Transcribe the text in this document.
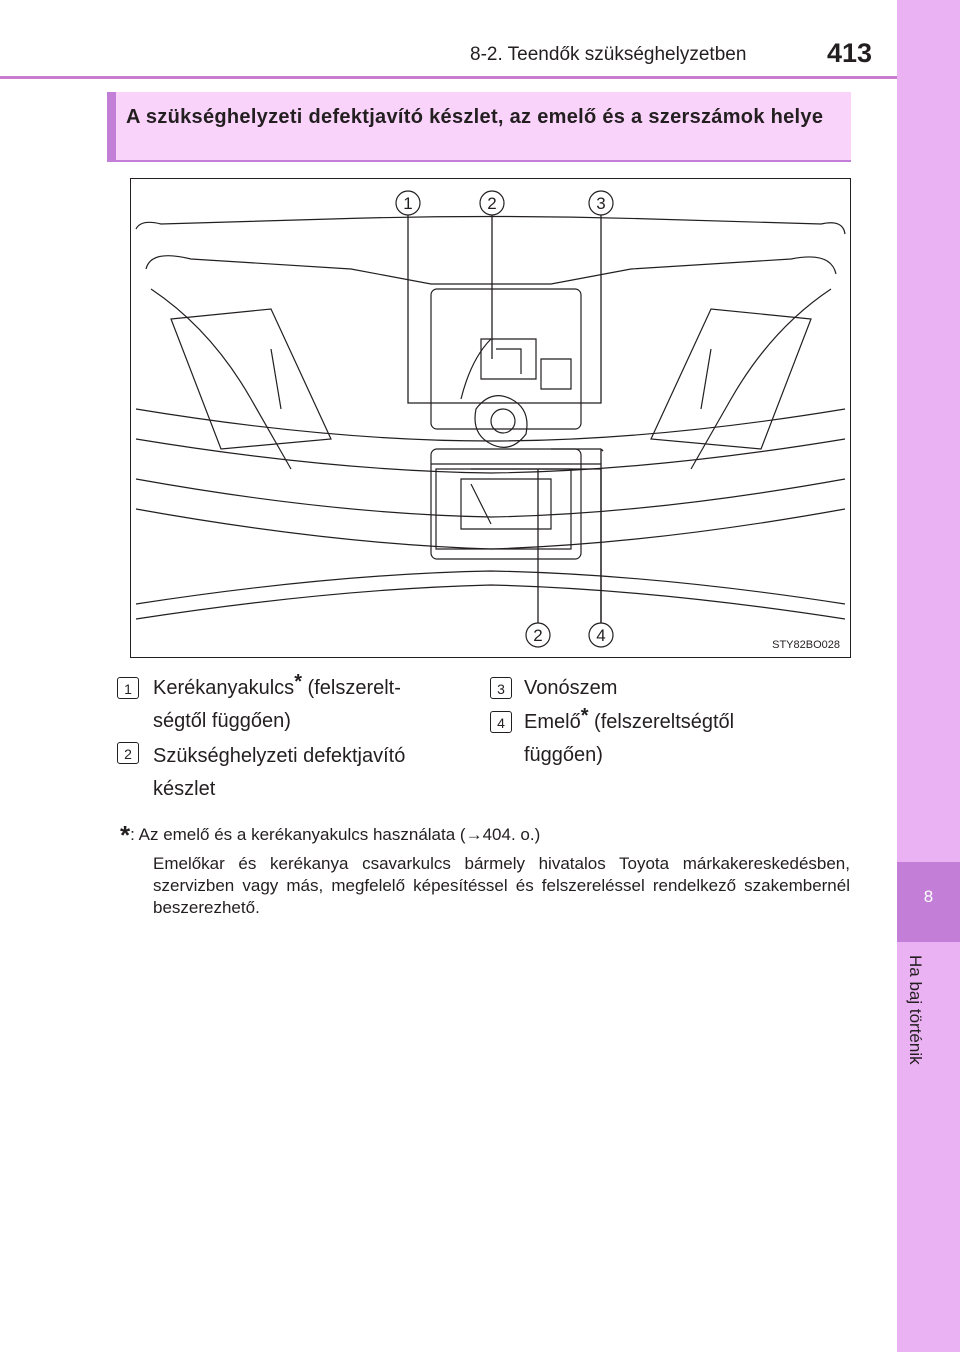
8-2. Teendők szükséghelyzetben	413
8
Ha baj történik
A szükséghelyzeti defektjavító készlet, az emelő és a szerszámok helye
1	2	3
2	4	STY82BO028
1	Kerékanyakulcs* (felszerelt-
ségtől függően)
2	Szükséghelyzeti defektjavító
készlet
3 Vonószem
4 Emelő* (felszereltségtől
függően)
*: Az emelő és a kerékanyakulcs használata (→404. o.)
Emelőkar és kerékanya csavarkulcs bármely hivatalos Toyota márkakereskedésben, szervizben vagy más, megfelelő képesítéssel és felszereléssel rendelkező szakembernél beszerezhető.
